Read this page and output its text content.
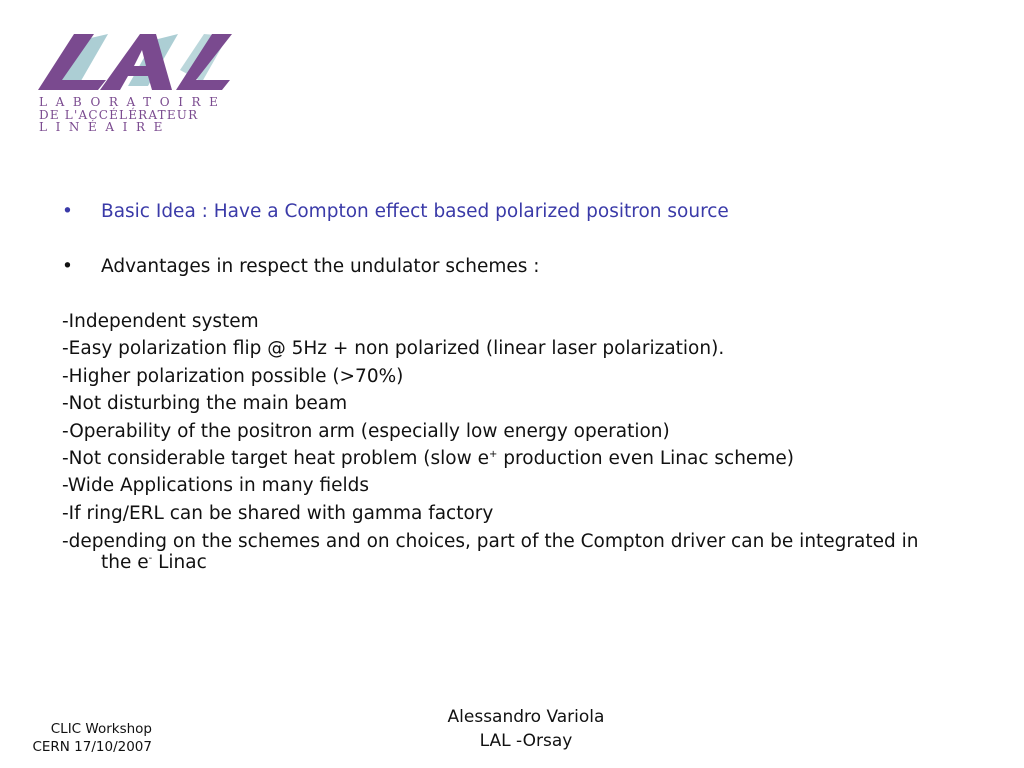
LABORATOIRE
DE L'ACCÉLÉRATEUR
LINÉAIRE
• Basic Idea : Have a Compton effect based polarized positron source
• Advantages in respect the undulator schemes :
-Independent system
-Easy polarization flip @ 5Hz + non polarized (linear laser polarization).
-Higher polarization possible (>70%)
-Not disturbing the main beam
-Operability of the positron arm (especially low energy operation)
-Not considerable target heat problem (slow e+ production even Linac scheme)
-Wide Applications in many fields
-If ring/ERL can be shared with gamma factory
-depending on the schemes and on choices, part of the Compton driver can be integrated in the e- Linac
CLIC Workshop
CERN 17/10/2007
Alessandro Variola
LAL -Orsay
